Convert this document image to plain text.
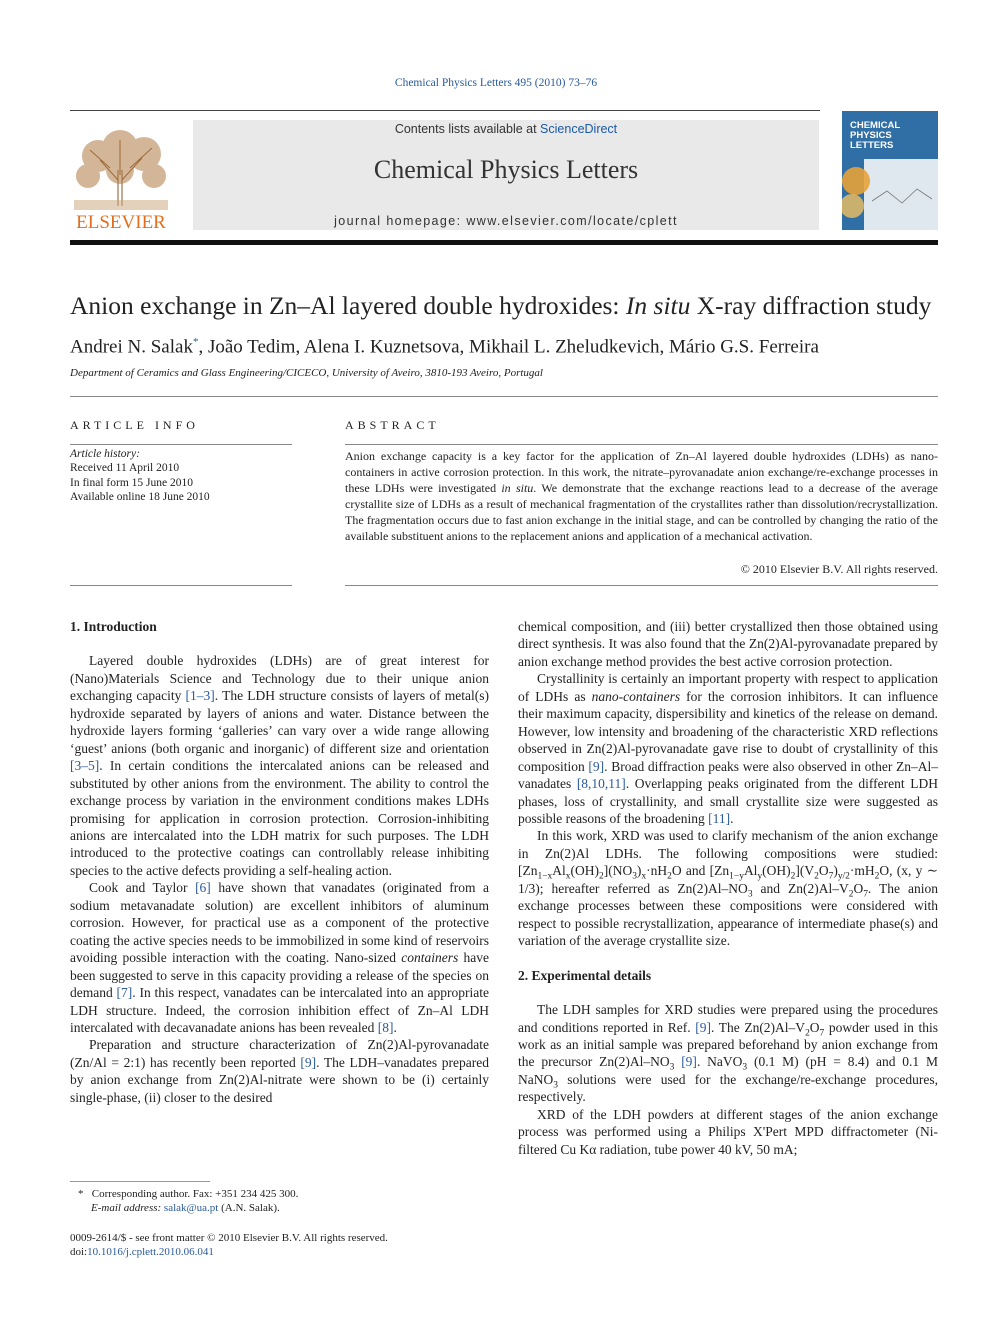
Chemical Physics Letters 495 (2010) 73–76
ELSEVIER
Contents lists available at ScienceDirect
Chemical Physics Letters
journal homepage: www.elsevier.com/locate/cplett
CHEMICAL
PHYSICS
LETTERS
Anion exchange in Zn–Al layered double hydroxides: In situ X-ray diffraction study
Andrei N. Salak*, João Tedim, Alena I. Kuznetsova, Mikhail L. Zheludkevich, Mário G.S. Ferreira
Department of Ceramics and Glass Engineering/CICECO, University of Aveiro, 3810-193 Aveiro, Portugal
ARTICLE INFO
Article history:
Received 11 April 2010
In final form 15 June 2010
Available online 18 June 2010
ABSTRACT
Anion exchange capacity is a key factor for the application of Zn–Al layered double hydroxides (LDHs) as nano-containers in active corrosion protection. In this work, the nitrate–pyrovanadate anion exchange/re-exchange processes in these LDHs were investigated in situ. We demonstrate that the exchange reactions lead to a decrease of the average crystallite size of LDHs as a result of mechanical fragmentation of the crystallites rather than dissolution/recrystallization. The fragmentation occurs due to fast anion exchange in the initial stage, and can be controlled by changing the ratio of the available substituent anions to the replacement anions and application of a mechanical activation.
© 2010 Elsevier B.V. All rights reserved.
1. Introduction

Layered double hydroxides (LDHs) are of great interest for (Nano)Materials Science and Technology due to their unique anion exchanging capacity [1–3]. The LDH structure consists of layers of metal(s) hydroxide separated by layers of anions and water. Distance between the hydroxide layers forming ‘galleries’ can vary over a wide range allowing ‘guest’ anions (both organic and inorganic) of different size and orientation [3–5]. In certain conditions the intercalated anions can be released and substituted by other anions from the environment. The ability to control the exchange process by variation in the environment conditions makes LDHs promising for application in corrosion protection. Corrosion-inhibiting anions are intercalated into the LDH matrix for such purposes. The LDH introduced to the protective coatings can controllably release inhibiting species to the active defects providing a self-healing action.

Cook and Taylor [6] have shown that vanadates (originated from a sodium metavanadate solution) are excellent inhibitors of aluminum corrosion. However, for practical use as a component of the protective coating the active species needs to be immobilized in some kind of reservoirs avoiding possible interaction with the coating. Nano-sized containers have been suggested to serve in this capacity providing a release of the species on demand [7]. In this respect, vanadates can be intercalated into an appropriate LDH structure. Indeed, the corrosion inhibition effect of Zn–Al LDH intercalated with decavanadate anions has been revealed [8].

Preparation and structure characterization of Zn(2)Al-pyrovanadate (Zn/Al = 2:1) has recently been reported [9]. The LDH–vanadates prepared by anion exchange from Zn(2)Al-nitrate were shown to be (i) certainly single-phase, (ii) closer to the desired

chemical composition, and (iii) better crystallized then those obtained using direct synthesis. It was also found that the Zn(2)Al-pyrovanadate prepared by anion exchange method provides the best active corrosion protection.

Crystallinity is certainly an important property with respect to application of LDHs as nano-containers for the corrosion inhibitors. It can influence their maximum capacity, dispersibility and kinetics of the release on demand. However, low intensity and broadening of the characteristic XRD reflections observed in Zn(2)Al-pyrovanadate gave rise to doubt of crystallinity of this composition [9]. Broad diffraction peaks were also observed in other Zn–Al–vanadates [8,10,11]. Overlapping peaks originated from the different LDH phases, loss of crystallinity, and small crystallite size were suggested as possible reasons of the broadening [11].

In this work, XRD was used to clarify mechanism of the anion exchange in Zn(2)Al LDHs. The following compositions were studied: $[Zn_{1-x}Al_x(OH)_2](NO_3)_x\cdot nH_2O$ and $[Zn_{1-y}Al_y(OH)_2](V_2O_7)_{y/2}\cdot mH_2O$, (x, y ∼ 1/3); hereafter referred as $Zn(2)Al-NO_3$ and $Zn(2)Al-V_2O_7$. The anion exchange processes between these compositions were considered with respect to possible recrystallization, appearance of intermediate phase(s) and variation of the average crystallite size.

2. Experimental details

The LDH samples for XRD studies were prepared using the procedures and conditions reported in Ref. [9]. The $Zn(2)Al-V_2O_7$ powder used in this work as an initial sample was prepared beforehand by anion exchange from the precursor $Zn(2)Al-NO_3$ [9]. NaVO$_3$ (0.1 M) (pH = 8.4) and 0.1 M NaNO$_3$ solutions were used for the exchange/re-exchange procedures, respectively.

XRD of the LDH powders at different stages of the anion exchange process was performed using a Philips X'Pert MPD diffractometer (Ni-filtered Cu Kα radiation, tube power 40 kV, 50 mA;

* Corresponding author. Fax: +351 234 425 300.
E-mail address: salak@ua.pt (A.N. Salak).
0009-2614/$ - see front matter © 2010 Elsevier B.V. All rights reserved.
doi:10.1016/j.cplett.2010.06.041
